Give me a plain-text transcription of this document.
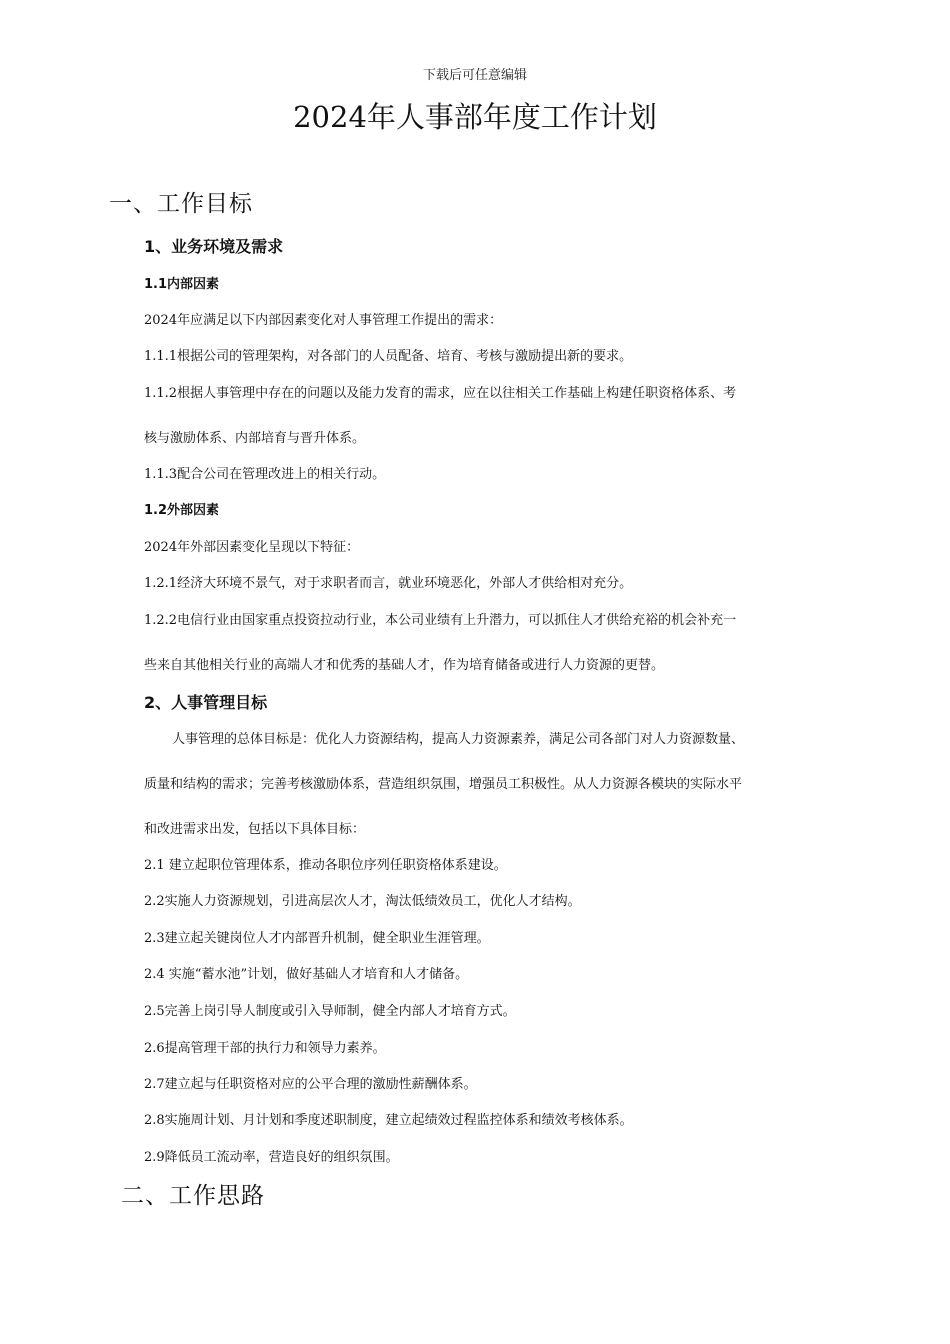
下载后可任意编辑
2024年人事部年度工作计划
一、工作目标
1、业务环境及需求
1.1内部因素
2024年应满足以下内部因素变化对人事管理工作提出的需求：
1.1.1根据公司的管理架构，对各部门的人员配备、培育、考核与激励提出新的要求。
1.1.2根据人事管理中存在的问题以及能力发育的需求，应在以往相关工作基础上构建任职资格体系、考
核与激励体系、内部培育与晋升体系。
1.1.3配合公司在管理改进上的相关行动。
1.2外部因素
2024年外部因素变化呈现以下特征：
1.2.1经济大环境不景气，对于求职者而言，就业环境恶化，外部人才供给相对充分。
1.2.2电信行业由国家重点投资拉动行业，本公司业绩有上升潜力，可以抓住人才供给充裕的机会补充一
些来自其他相关行业的高端人才和优秀的基础人才，作为培育储备或进行人力资源的更替。
2、人事管理目标
人事管理的总体目标是：优化人力资源结构，提高人力资源素养，满足公司各部门对人力资源数量、
质量和结构的需求；完善考核激励体系，营造组织氛围，增强员工积极性。从人力资源各模块的实际水平
和改进需求出发，包括以下具体目标：
2.1 建立起职位管理体系，推动各职位序列任职资格体系建设。
2.2实施人力资源规划，引进高层次人才，淘汰低绩效员工，优化人才结构。
2.3建立起关键岗位人才内部晋升机制，健全职业生涯管理。
2.4 实施“蓄水池”计划，做好基础人才培育和人才储备。
2.5完善上岗引导人制度或引入导师制，健全内部人才培育方式。
2.6提高管理干部的执行力和领导力素养。
2.7建立起与任职资格对应的公平合理的激励性薪酬体系。
2.8实施周计划、月计划和季度述职制度，建立起绩效过程监控体系和绩效考核体系。
2.9降低员工流动率，营造良好的组织氛围。
二、工作思路
